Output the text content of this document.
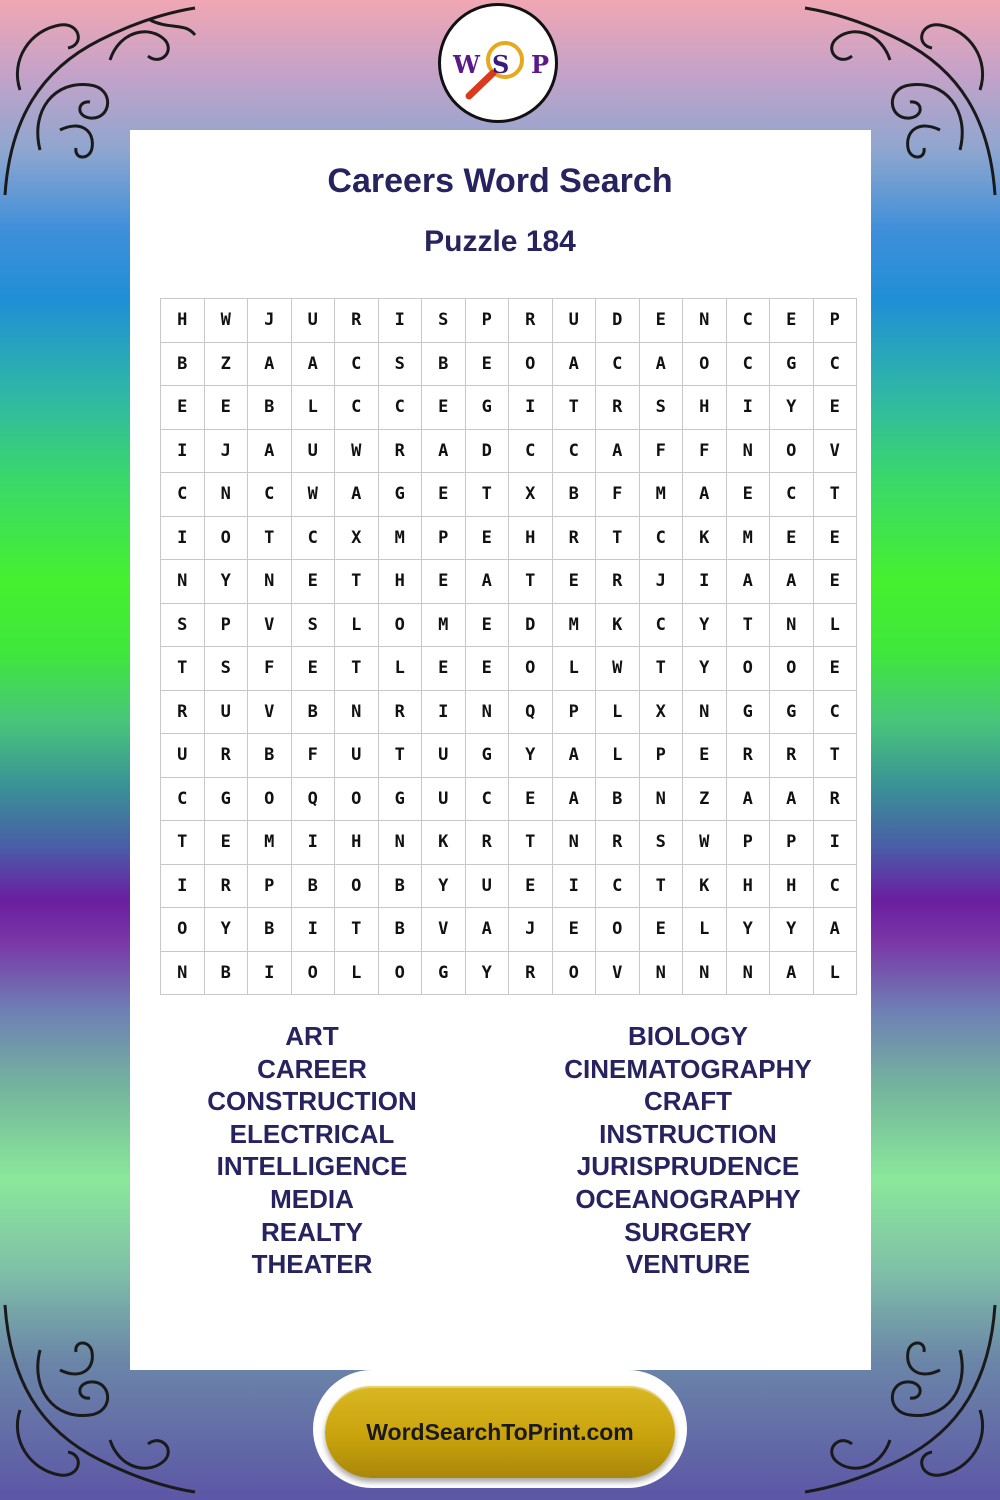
W S P
Careers Word Search
Puzzle 184
H	W	J	U	R	I	S	P	R	U	D	E	N	C	E	P
B	Z	A	A	C	S	B	E	O	A	C	A	O	C	G	C
E	E	B	L	C	C	E	G	I	T	R	S	H	I	Y	E
I	J	A	U	W	R	A	D	C	C	A	F	F	N	O	V
C	N	C	W	A	G	E	T	X	B	F	M	A	E	C	T
I	O	T	C	X	M	P	E	H	R	T	C	K	M	E	E
N	Y	N	E	T	H	E	A	T	E	R	J	I	A	A	E
S	P	V	S	L	O	M	E	D	M	K	C	Y	T	N	L
T	S	F	E	T	L	E	E	O	L	W	T	Y	O	O	E
R	U	V	B	N	R	I	N	Q	P	L	X	N	G	G	C
U	R	B	F	U	T	U	G	Y	A	L	P	E	R	R	T
C	G	O	Q	O	G	U	C	E	A	B	N	Z	A	A	R
T	E	M	I	H	N	K	R	T	N	R	S	W	P	P	I
I	R	P	B	O	B	Y	U	E	I	C	T	K	H	H	C
O	Y	B	I	T	B	V	A	J	E	O	E	L	Y	Y	A
N	B	I	O	L	O	G	Y	R	O	V	N	N	N	A	L
ART
CAREER
CONSTRUCTION
ELECTRICAL
INTELLIGENCE
MEDIA
REALTY
THEATER
BIOLOGY
CINEMATOGRAPHY
CRAFT
INSTRUCTION
JURISPRUDENCE
OCEANOGRAPHY
SURGERY
VENTURE
WordSearchToPrint.com
